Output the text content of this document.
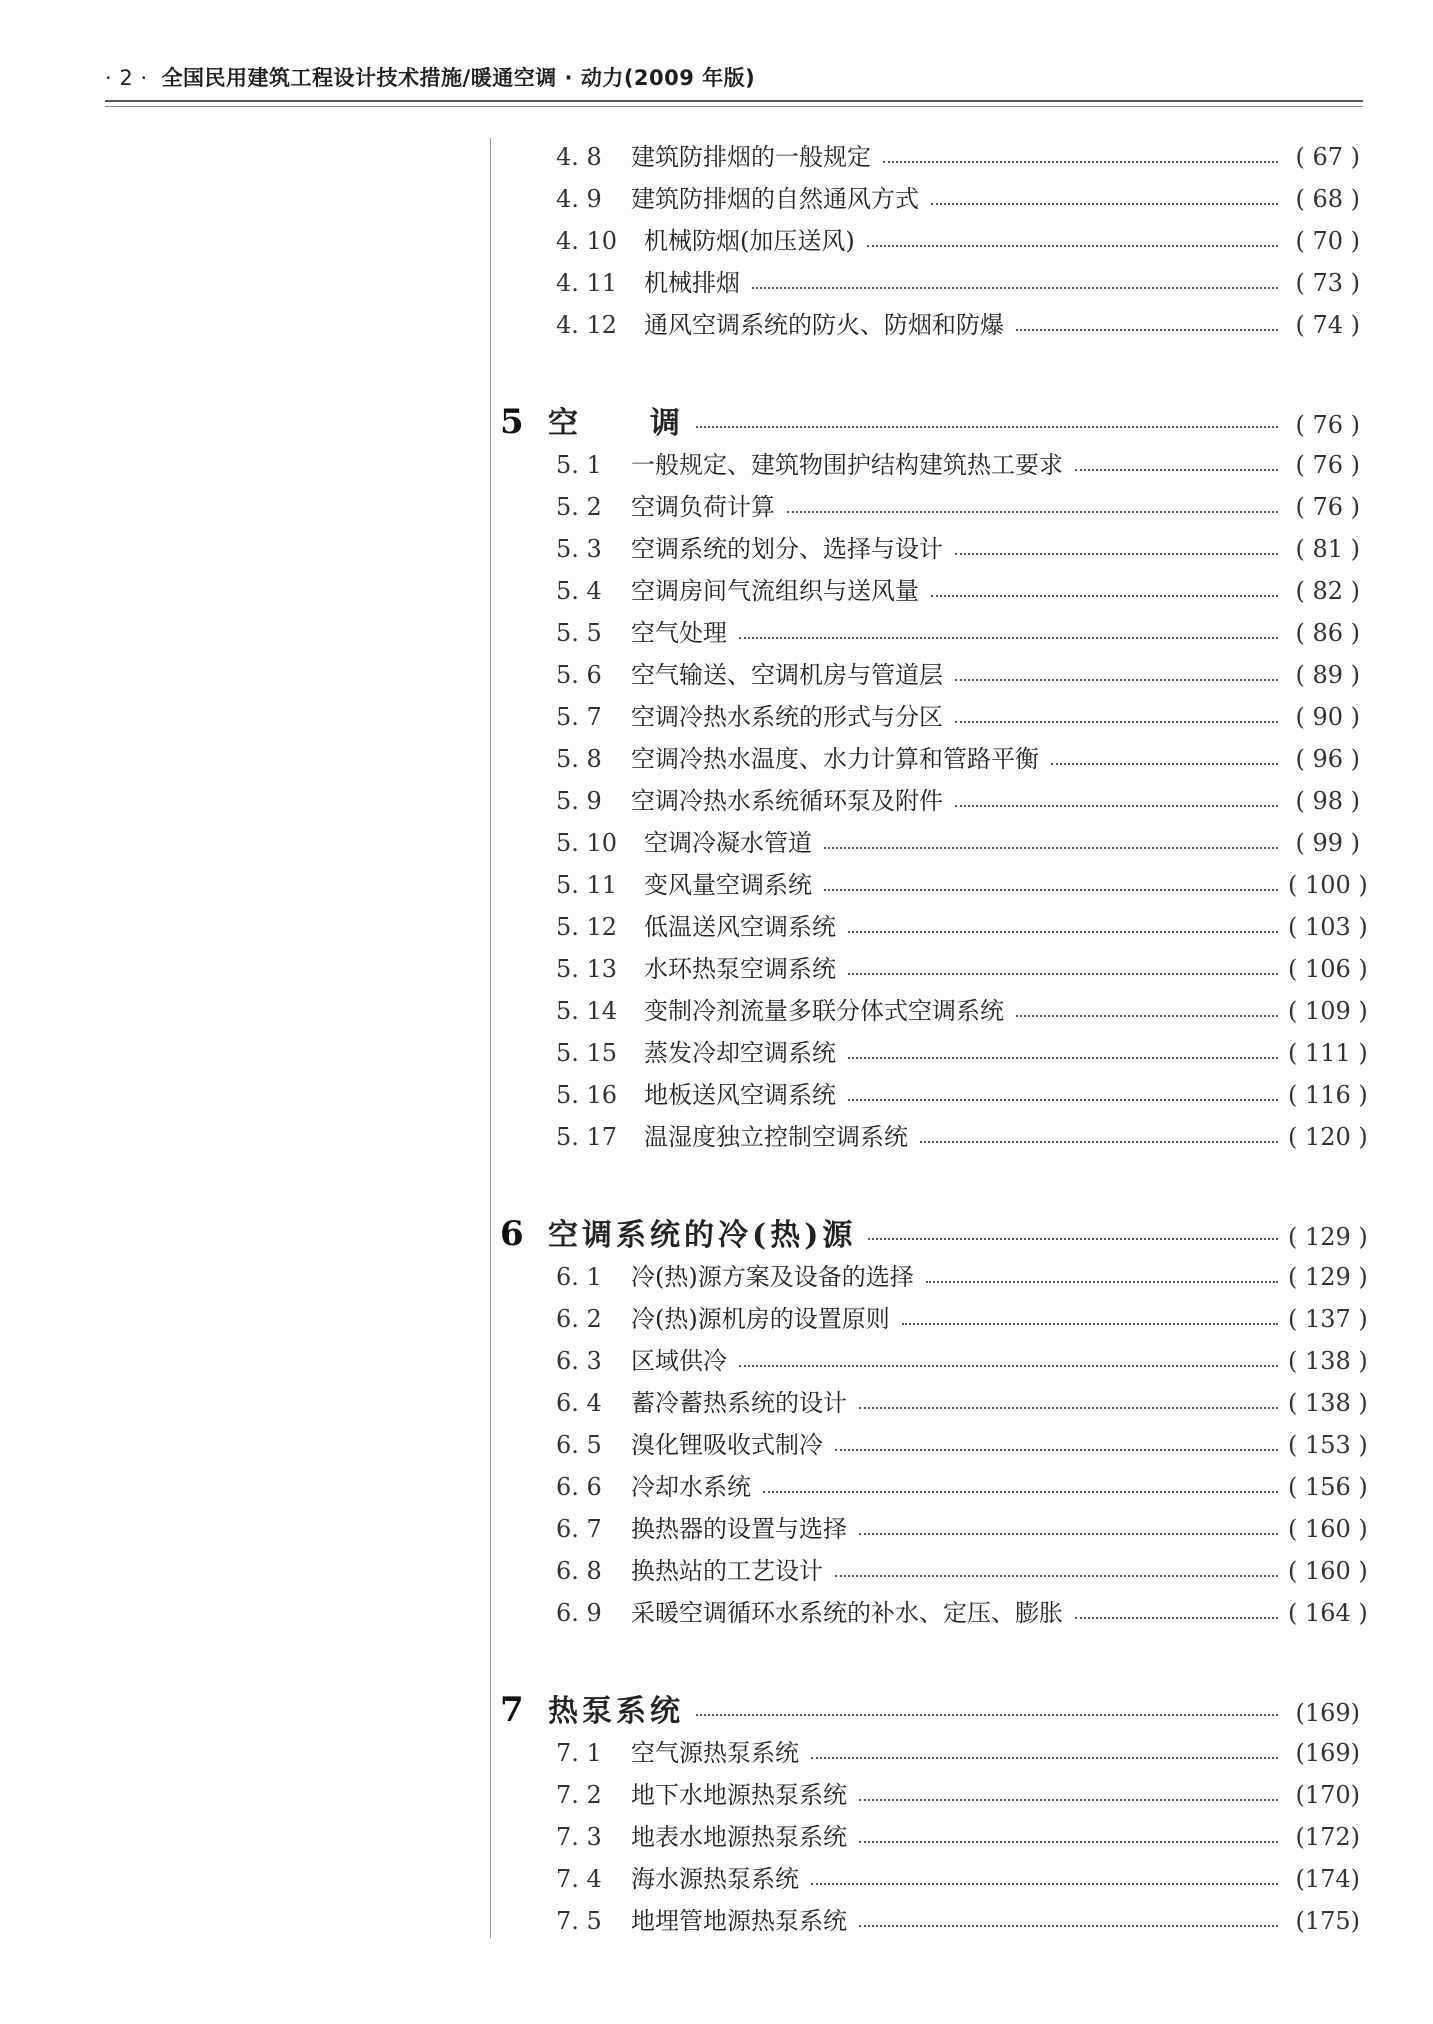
· 2 · 全国民用建筑工程设计技术措施/暖通空调 · 动力(2009 年版)
4. 8	建筑防排烟的一般规定	( 67 )
4. 9	建筑防排烟的自然通风方式	( 68 )
4. 10	机械防烟(加压送风)	( 70 )
4. 11	机械排烟	( 73 )
4. 12	通风空调系统的防火、防烟和防爆	( 74 )
5 空　　调	( 76 )
5. 1	一般规定、建筑物围护结构建筑热工要求	( 76 )
5. 2	空调负荷计算	( 76 )
5. 3	空调系统的划分、选择与设计	( 81 )
5. 4	空调房间气流组织与送风量	( 82 )
5. 5	空气处理	( 86 )
5. 6	空气输送、空调机房与管道层	( 89 )
5. 7	空调冷热水系统的形式与分区	( 90 )
5. 8	空调冷热水温度、水力计算和管路平衡	( 96 )
5. 9	空调冷热水系统循环泵及附件	( 98 )
5. 10	空调冷凝水管道	( 99 )
5. 11	变风量空调系统	( 100 )
5. 12	低温送风空调系统	( 103 )
5. 13	水环热泵空调系统	( 106 )
5. 14	变制冷剂流量多联分体式空调系统	( 109 )
5. 15	蒸发冷却空调系统	( 111 )
5. 16	地板送风空调系统	( 116 )
5. 17	温湿度独立控制空调系统	( 120 )
6 空调系统的冷(热)源	( 129 )
6. 1	冷(热)源方案及设备的选择	( 129 )
6. 2	冷(热)源机房的设置原则	( 137 )
6. 3	区域供冷	( 138 )
6. 4	蓄冷蓄热系统的设计	( 138 )
6. 5	溴化锂吸收式制冷	( 153 )
6. 6	冷却水系统	( 156 )
6. 7	换热器的设置与选择	( 160 )
6. 8	换热站的工艺设计	( 160 )
6. 9	采暖空调循环水系统的补水、定压、膨胀	( 164 )
7 热泵系统	(169)
7. 1	空气源热泵系统	(169)
7. 2	地下水地源热泵系统	(170)
7. 3	地表水地源热泵系统	(172)
7. 4	海水源热泵系统	(174)
7. 5	地埋管地源热泵系统	(175)
